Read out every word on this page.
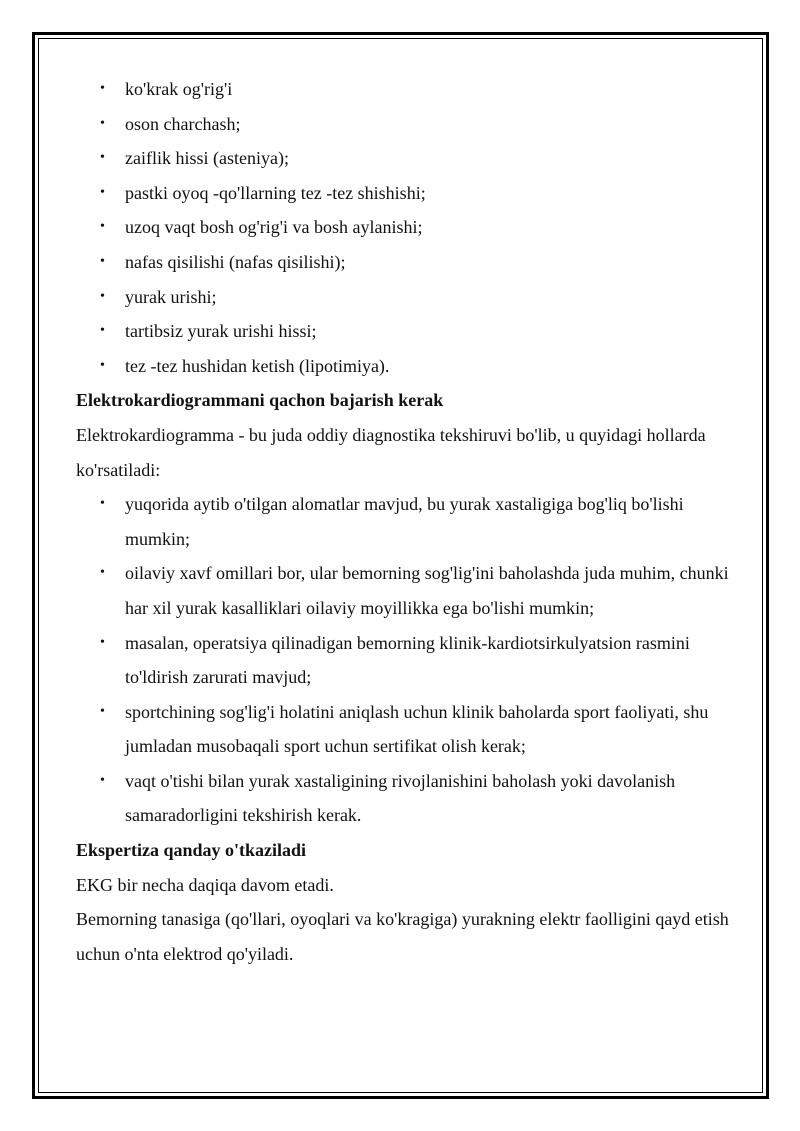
• ko'krak og'rig'i
• oson charchash;
• zaiflik hissi (asteniya);
• pastki oyoq -qo'llarning tez -tez shishishi;
• uzoq vaqt bosh og'rig'i va bosh aylanishi;
• nafas qisilishi (nafas qisilishi);
• yurak urishi;
• tartibsiz yurak urishi hissi;
• tez -tez hushidan ketish (lipotimiya).

Elektrokardiogrammani qachon bajarish kerak

Elektrokardiogramma - bu juda oddiy diagnostika tekshiruvi bo'lib, u quyidagi hollarda ko'rsatiladi:

• yuqorida aytib o'tilgan alomatlar mavjud, bu yurak xastaligiga bog'liq bo'lishi mumkin;
• oilaviy xavf omillari bor, ular bemorning sog'lig'ini baholashda juda muhim, chunki har xil yurak kasalliklari oilaviy moyillikka ega bo'lishi mumkin;
• masalan, operatsiya qilinadigan bemorning klinik-kardiotsirkulyatsion rasmini to'ldirish zarurati mavjud;
• sportchining sog'lig'i holatini aniqlash uchun klinik baholarda sport faoliyati, shu jumladan musobaqali sport uchun sertifikat olish kerak;
• vaqt o'tishi bilan yurak xastaligining rivojlanishini baholash yoki davolanish samaradorligini tekshirish kerak.

Ekspertiza qanday o'tkaziladi

EKG bir necha daqiqa davom etadi.

Bemorning tanasiga (qo'llari, oyoqlari va ko'kragiga) yurakning elektr faolligini qayd etish uchun o'nta elektrod qo'yiladi.
